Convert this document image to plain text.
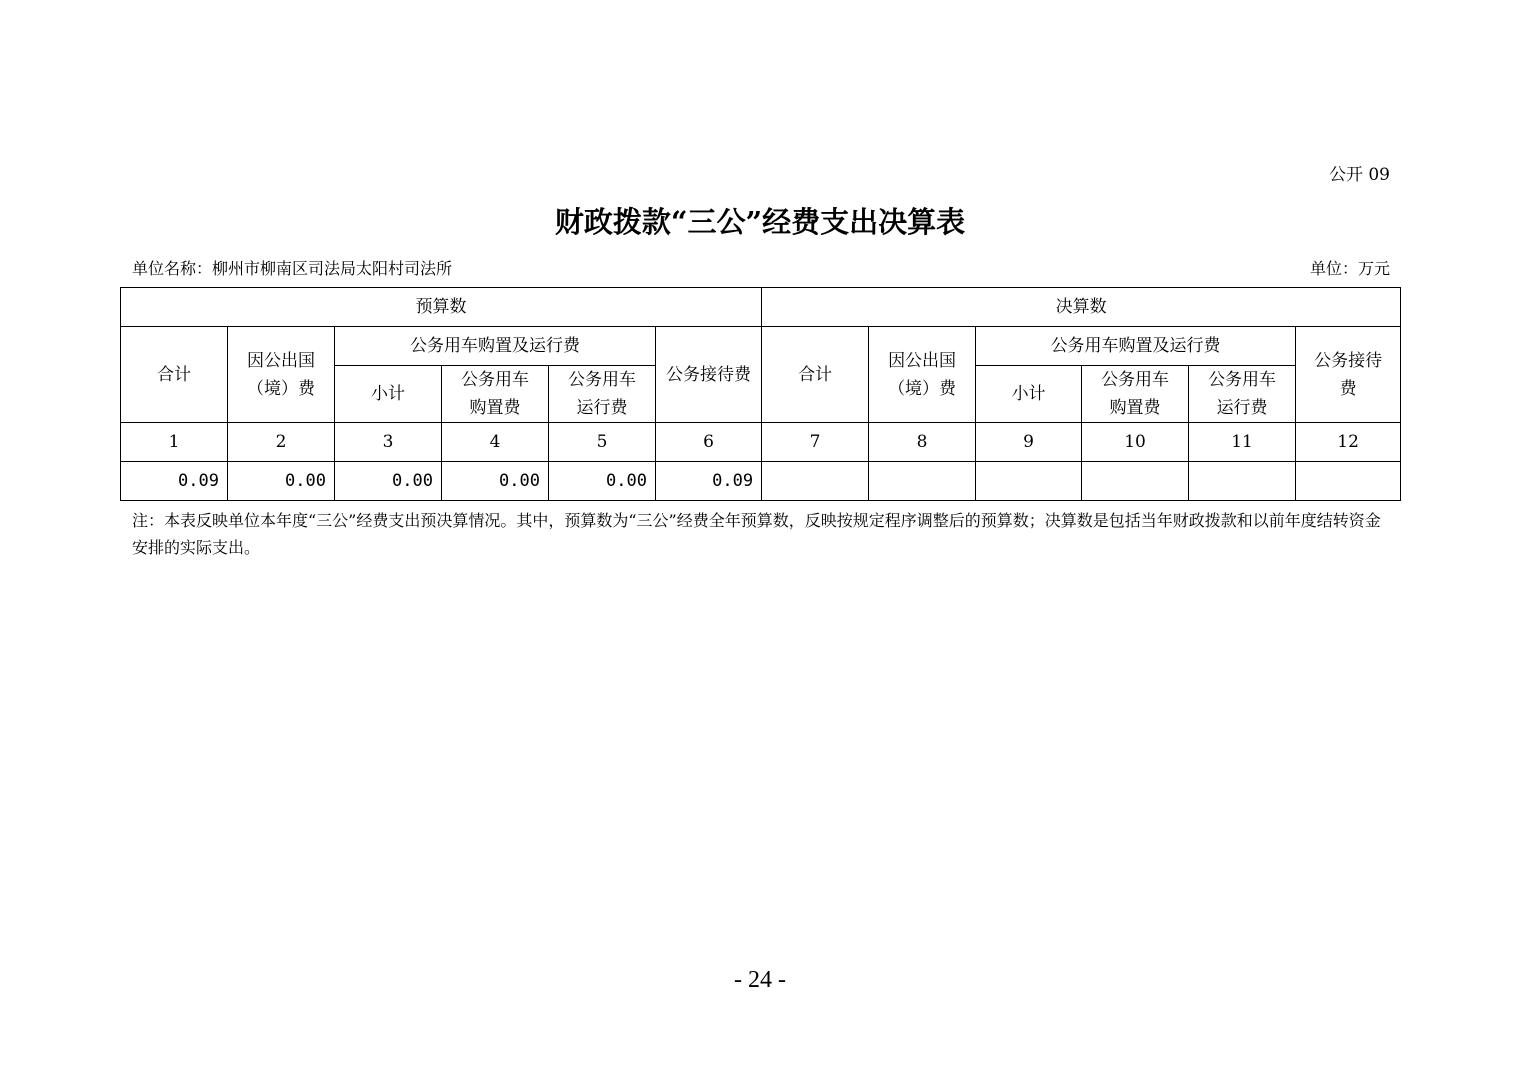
公开 09
财政拨款“三公”经费支出决算表
单位名称：柳州市柳南区司法局太阳村司法所	单位：万元
预算数						决算数					
合计	因公出国（境）费	公务用车购置及运行费			公务接待费	合计	因公出国（境）费	公务用车购置及运行费			公务接待费
		小计	公务用车购置费	公务用车运行费				小计	公务用车购置费	公务用车运行费	
1	2	3	4	5	6	7	8	9	10	11	12
0.09	0.00	0.00	0.00	0.00	0.09						
注：本表反映单位本年度“三公”经费支出预决算情况。其中，预算数为“三公”经费全年预算数，反映按规定程序调整后的预算数；决算数是包括当年财政拨款和以前年度结转资金安排的实际支出。
- 24 -
